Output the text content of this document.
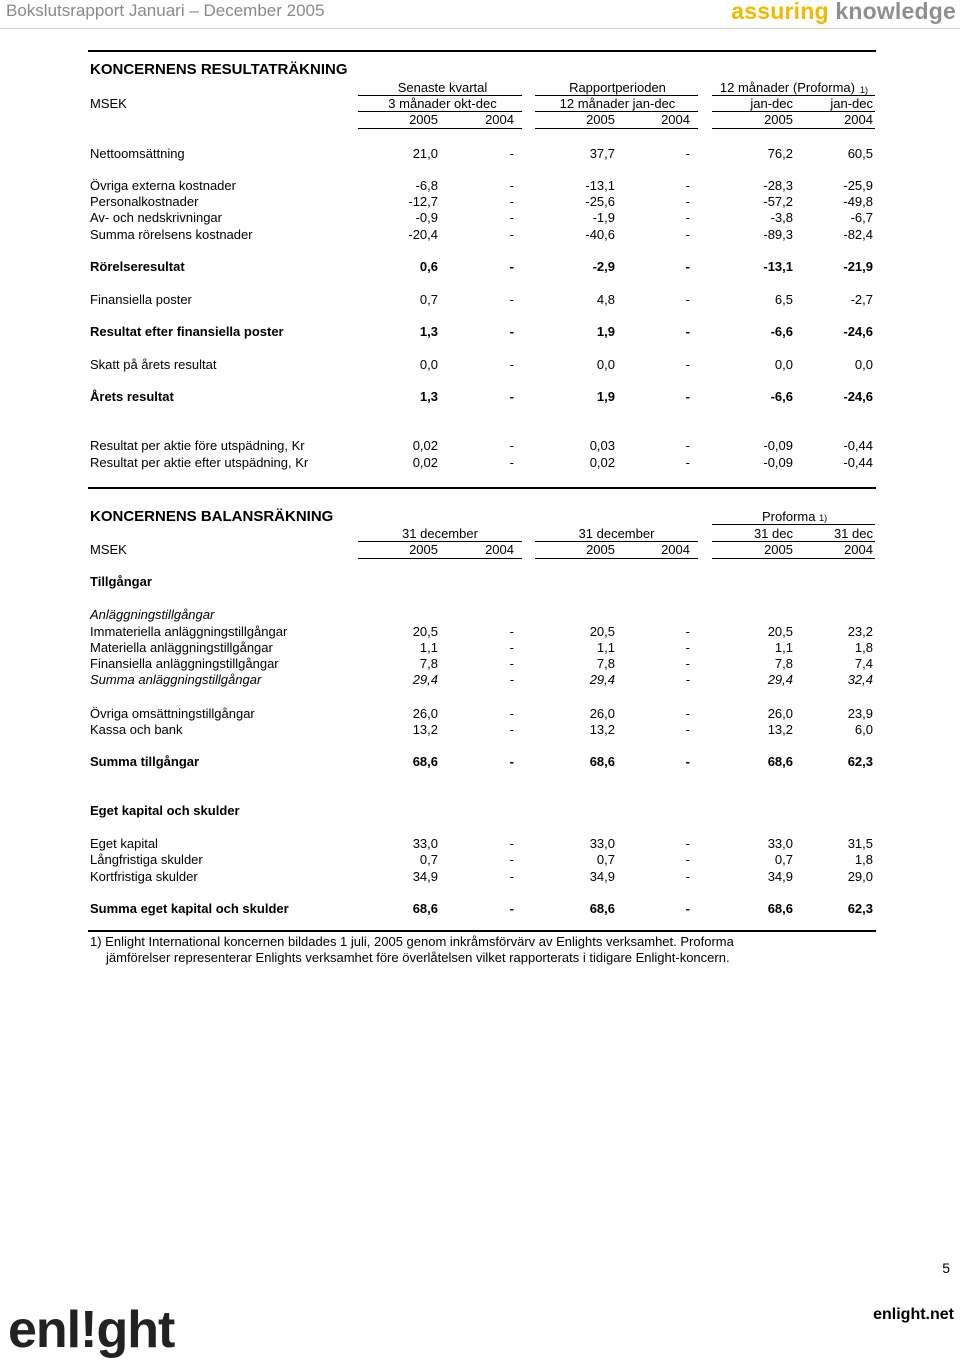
Bokslutsrapport Januari – December 2005	assuring knowledge
KONCERNENS RESULTATRÄKNING
Senaste kvartal	Rapportperioden	12 månader (Proforma) 1)
MSEK	3 månader okt-dec	12 månader jan-dec	jan-dec	jan-dec
2005	2004	2005	2004	2005	2004
Nettoomsättning	21,0	-	37,7	-	76,2	60,5
Övriga externa kostnader	-6,8	-	-13,1	-	-28,3	-25,9
Personalkostnader	-12,7	-	-25,6	-	-57,2	-49,8
Av- och nedskrivningar	-0,9	-	-1,9	-	-3,8	-6,7
Summa rörelsens kostnader	-20,4	-	-40,6	-	-89,3	-82,4
Rörelseresultat	0,6	-	-2,9	-	-13,1	-21,9
Finansiella poster	0,7	-	4,8	-	6,5	-2,7
Resultat efter finansiella poster	1,3	-	1,9	-	-6,6	-24,6
Skatt på årets resultat	0,0	-	0,0	-	0,0	0,0
Årets resultat	1,3	-	1,9	-	-6,6	-24,6
Resultat per aktie före utspädning, Kr	0,02	-	0,03	-	-0,09	-0,44
Resultat per aktie efter utspädning, Kr	0,02	-	0,02	-	-0,09	-0,44
KONCERNENS BALANSRÄKNING	Proforma 1)
31 december	31 december	31 dec	31 dec
MSEK	2005	2004	2005	2004	2005	2004
Tillgångar
Anläggningstillgångar
Immateriella anläggningstillgångar	20,5	-	20,5	-	20,5	23,2
Materiella anläggningstillgångar	1,1	-	1,1	-	1,1	1,8
Finansiella anläggningstillgångar	7,8	-	7,8	-	7,8	7,4
Summa anläggningstillgångar	29,4	-	29,4	-	29,4	32,4
Övriga omsättningstillgångar	26,0	-	26,0	-	26,0	23,9
Kassa och bank	13,2	-	13,2	-	13,2	6,0
Summa tillgångar	68,6	-	68,6	-	68,6	62,3
Eget kapital och skulder
Eget kapital	33,0	-	33,0	-	33,0	31,5
Långfristiga skulder	0,7	-	0,7	-	0,7	1,8
Kortfristiga skulder	34,9	-	34,9	-	34,9	29,0
Summa eget kapital och skulder	68,6	-	68,6	-	68,6	62,3
1) Enlight International koncernen bildades 1 juli, 2005 genom inkråmsförvärv av Enlights verksamhet. Proforma
jämförelser representerar Enlights verksamhet före överlåtelsen vilket rapporterats i tidigare Enlight-koncern.
5
enl!ght	enlight.net
